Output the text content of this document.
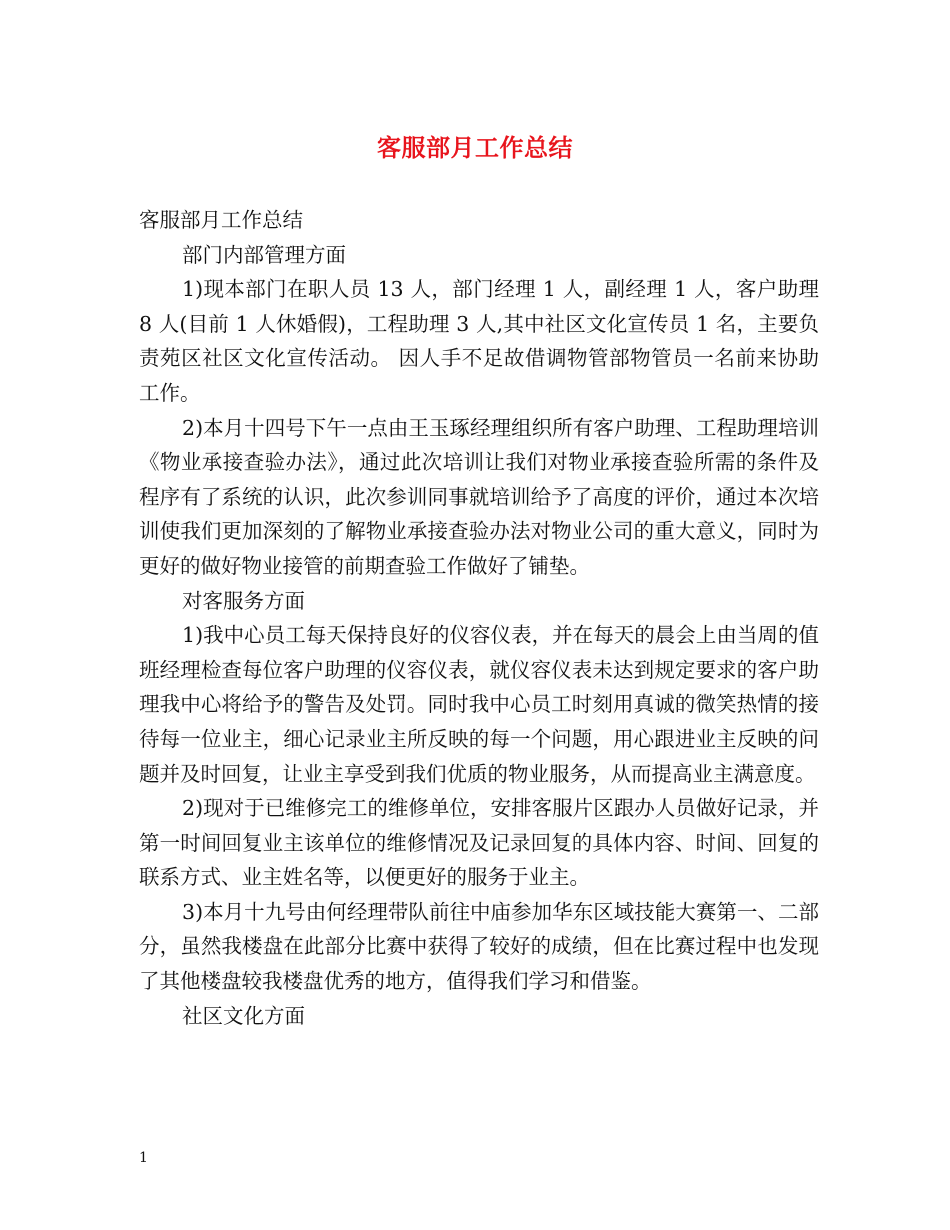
客服部月工作总结

客服部月工作总结

部门内部管理方面

1)现本部门在职人员 13 人，部门经理 1 人，副经理 1 人，客户助理 8 人(目前 1 人休婚假)，工程助理 3 人,其中社区文化宣传员 1 名，主要负责苑区社区文化宣传活动。 因人手不足故借调物管部物管员一名前来协助工作。

2)本月十四号下午一点由王玉琢经理组织所有客户助理、工程助理培训《物业承接查验办法》，通过此次培训让我们对物业承接查验所需的条件及程序有了系统的认识，此次参训同事就培训给予了高度的评价，通过本次培训使我们更加深刻的了解物业承接查验办法对物业公司的重大意义，同时为更好的做好物业接管的前期查验工作做好了铺垫。

对客服务方面

1)我中心员工每天保持良好的仪容仪表，并在每天的晨会上由当周的值班经理检查每位客户助理的仪容仪表，就仪容仪表未达到规定要求的客户助理我中心将给予的警告及处罚。同时我中心员工时刻用真诚的微笑热情的接待每一位业主，细心记录业主所反映的每一个问题，用心跟进业主反映的问题并及时回复，让业主享受到我们优质的物业服务，从而提高业主满意度。

2)现对于已维修完工的维修单位，安排客服片区跟办人员做好记录，并第一时间回复业主该单位的维修情况及记录回复的具体内容、时间、回复的联系方式、业主姓名等，以便更好的服务于业主。

3)本月十九号由何经理带队前往中庙参加华东区域技能大赛第一、二部分，虽然我楼盘在此部分比赛中获得了较好的成绩，但在比赛过程中也发现了其他楼盘较我楼盘优秀的地方，值得我们学习和借鉴。

社区文化方面

1
